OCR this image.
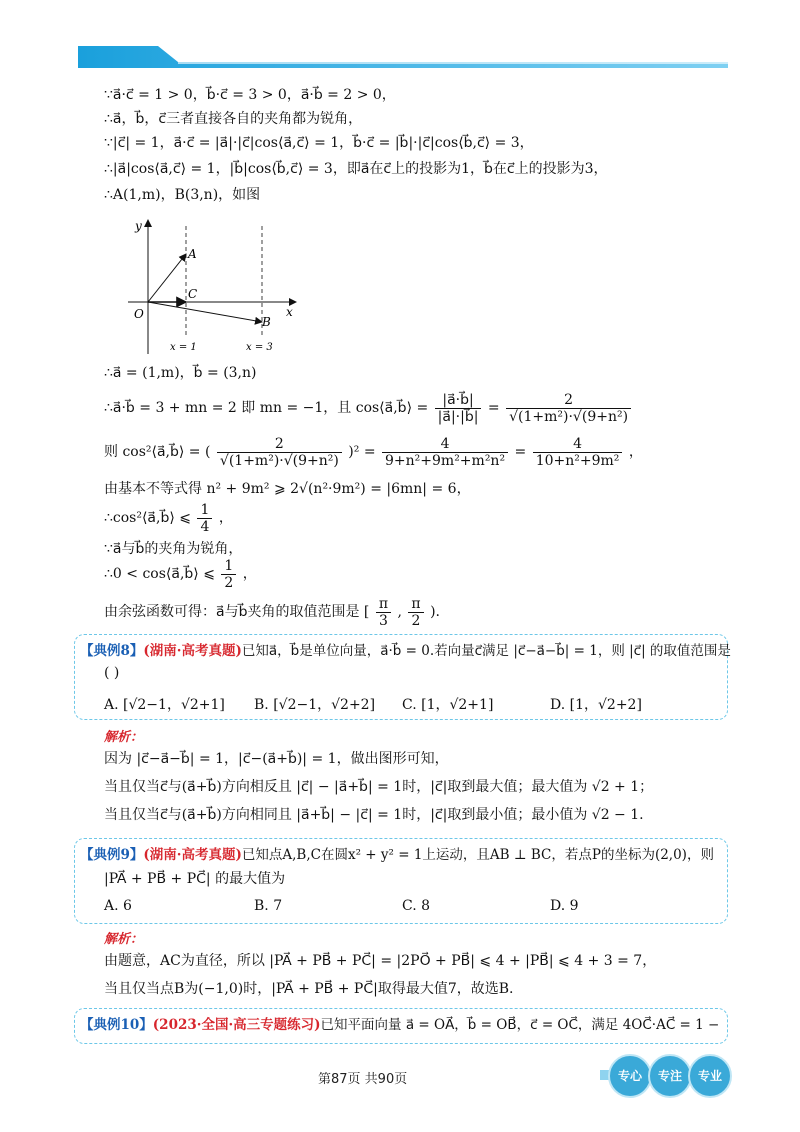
∵a⃗·c⃗ = 1 > 0，b⃗·c⃗ = 3 > 0，a⃗·b⃗ = 2 > 0，
∴a⃗，b⃗，c⃗三者直接各自的夹角都为锐角，
∵|c⃗| = 1，a⃗·c⃗ = |a⃗|·|c⃗|cos⟨a⃗,c⃗⟩ = 1，b⃗·c⃗ = |b⃗|·|c⃗|cos⟨b⃗,c⃗⟩ = 3，
∴|a⃗|cos⟨a⃗,c⃗⟩ = 1，|b⃗|cos⟨b⃗,c⃗⟩ = 3，即a⃗在c⃗上的投影为1，b⃗在c⃗上的投影为3，
∴A(1,m)，B(3,n)，如图
y
x
O
A
C
B
x = 1	x = 3
∴a⃗ = (1,m)，b⃗ = (3,n)
∴a⃗·b⃗ = 3 + mn = 2 即 mn = −1，且 cos⟨a⃗,b⃗⟩ = $\frac{|a⃗\cdot b⃗|}{|a⃗|\cdot|b⃗|} = \frac{2}{\text{√(1+m²)·√(9+n²)}}$
则 cos²⟨a⃗,b⃗⟩ = ( $\frac{2}{\text{√(1+m²)·√(9+n²)}} )^2 = \frac{4}{\text{9+n²+9m²+m²n²}} = \frac{4}{\text{10+n²+9m²}}$ ，
由基本不等式得 n² + 9m² ⩾ 2√(n²·9m²) = |6mn| = 6，
∴cos²⟨a⃗,b⃗⟩ ⩽ $\frac{1}{4}$ ，
∵a⃗与b⃗的夹角为锐角，
∴0 < cos⟨a⃗,b⃗⟩ ⩽ $\frac{1}{2}$ ，
由余弦函数可得：a⃗与b⃗夹角的取值范围是 [ $\frac{\pi}{3}$ , $\frac{\pi}{2}$ ).
【典例8】(湖南·高考真题)已知a⃗，b⃗是单位向量，a⃗·b⃗ = 0.若向量c⃗满足 |c⃗−a⃗−b⃗| = 1，则 |c⃗| 的取值范围是
( )
A. [√2−1，√2+1] B. [√2−1，√2+2] C. [1，√2+1]	D. [1，√2+2]
解析：
因为 |c⃗−a⃗−b⃗| = 1，|c⃗−(a⃗+b⃗)| = 1，做出图形可知，
当且仅当c⃗与(a⃗+b⃗)方向相反且 |c⃗| − |a⃗+b⃗| = 1时，|c⃗|取到最大值；最大值为 √2 + 1；
当且仅当c⃗与(a⃗+b⃗)方向相同且 |a⃗+b⃗| − |c⃗| = 1时，|c⃗|取到最小值；最小值为 √2 − 1.
【典例9】(湖南·高考真题)已知点A,B,C在圆x² + y² = 1上运动，且AB ⊥ BC，若点P的坐标为(2,0)，则
|PA⃗ + PB⃗ + PC⃗| 的最大值为
A. 6	B. 7	C. 8	D. 9
解析：
由题意，AC为直径，所以 |PA⃗ + PB⃗ + PC⃗| = |2PO⃗ + PB⃗| ⩽ 4 + |PB⃗| ⩽ 4 + 3 = 7，
当且仅当点B为(−1,0)时，|PA⃗ + PB⃗ + PC⃗|取得最大值7，故选B.
【典例10】(2023·全国·高三专题练习)已知平面向量 a⃗ = OA⃗，b⃗ = OB⃗，c⃗ = OC⃗，满足 4OC⃗·AC⃗ = 1 −
第87页 共90页	专心	专注	专业
